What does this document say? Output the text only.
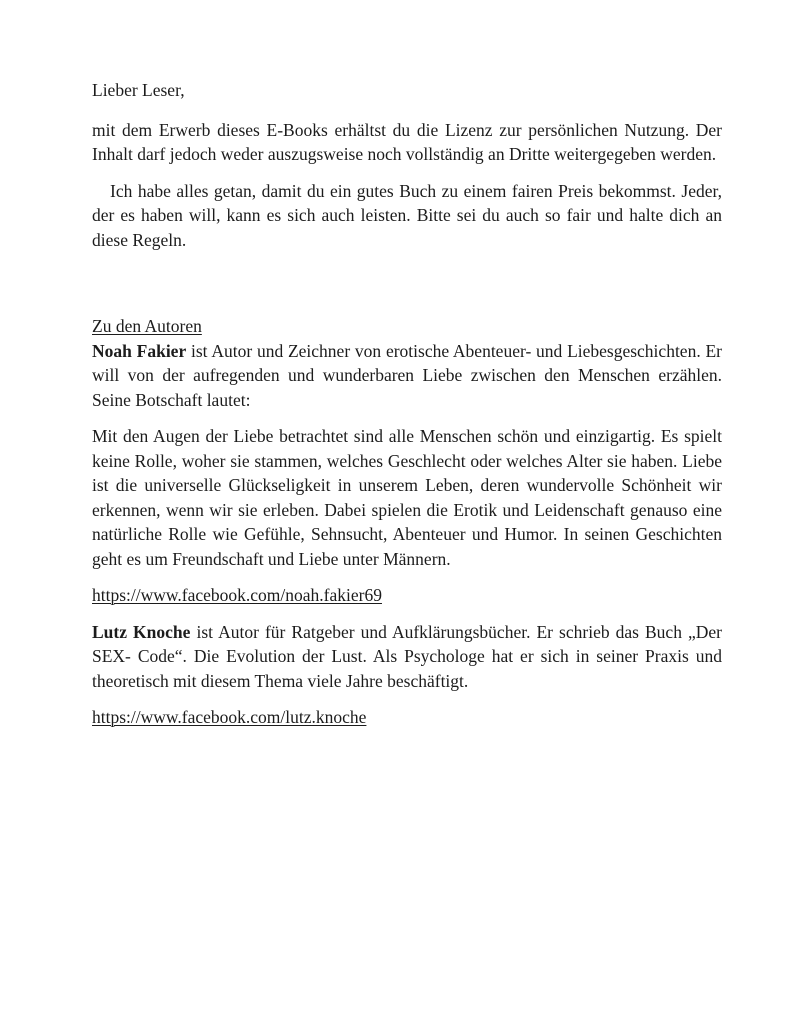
Lieber Leser,

mit dem Erwerb dieses E-Books erhältst du die Lizenz zur persönlichen Nutzung. Der Inhalt darf jedoch weder auszugsweise noch vollständig an Dritte weitergegeben werden.

Ich habe alles getan, damit du ein gutes Buch zu einem fairen Preis bekommst. Jeder, der es haben will, kann es sich auch leisten. Bitte sei du auch so fair und halte dich an diese Regeln.

Zu den Autoren

Noah Fakier ist Autor und Zeichner von erotische Abenteuer- und Liebesgeschichten. Er will von der aufregenden und wunderbaren Liebe zwischen den Menschen erzählen. Seine Botschaft lautet:

Mit den Augen der Liebe betrachtet sind alle Menschen schön und einzigartig. Es spielt keine Rolle, woher sie stammen, welches Geschlecht oder welches Alter sie haben. Liebe ist die universelle Glückseligkeit in unserem Leben, deren wundervolle Schönheit wir erkennen, wenn wir sie erleben. Dabei spielen die Erotik und Leidenschaft genauso eine natürliche Rolle wie Gefühle, Sehnsucht, Abenteuer und Humor. In seinen Geschichten geht es um Freundschaft und Liebe unter Männern.

https://www.facebook.com/noah.fakier69

Lutz Knoche ist Autor für Ratgeber und Aufklärungsbücher. Er schrieb das Buch „Der SEX- Code“. Die Evolution der Lust. Als Psychologe hat er sich in seiner Praxis und theoretisch mit diesem Thema viele Jahre beschäftigt.

https://www.facebook.com/lutz.knoche
